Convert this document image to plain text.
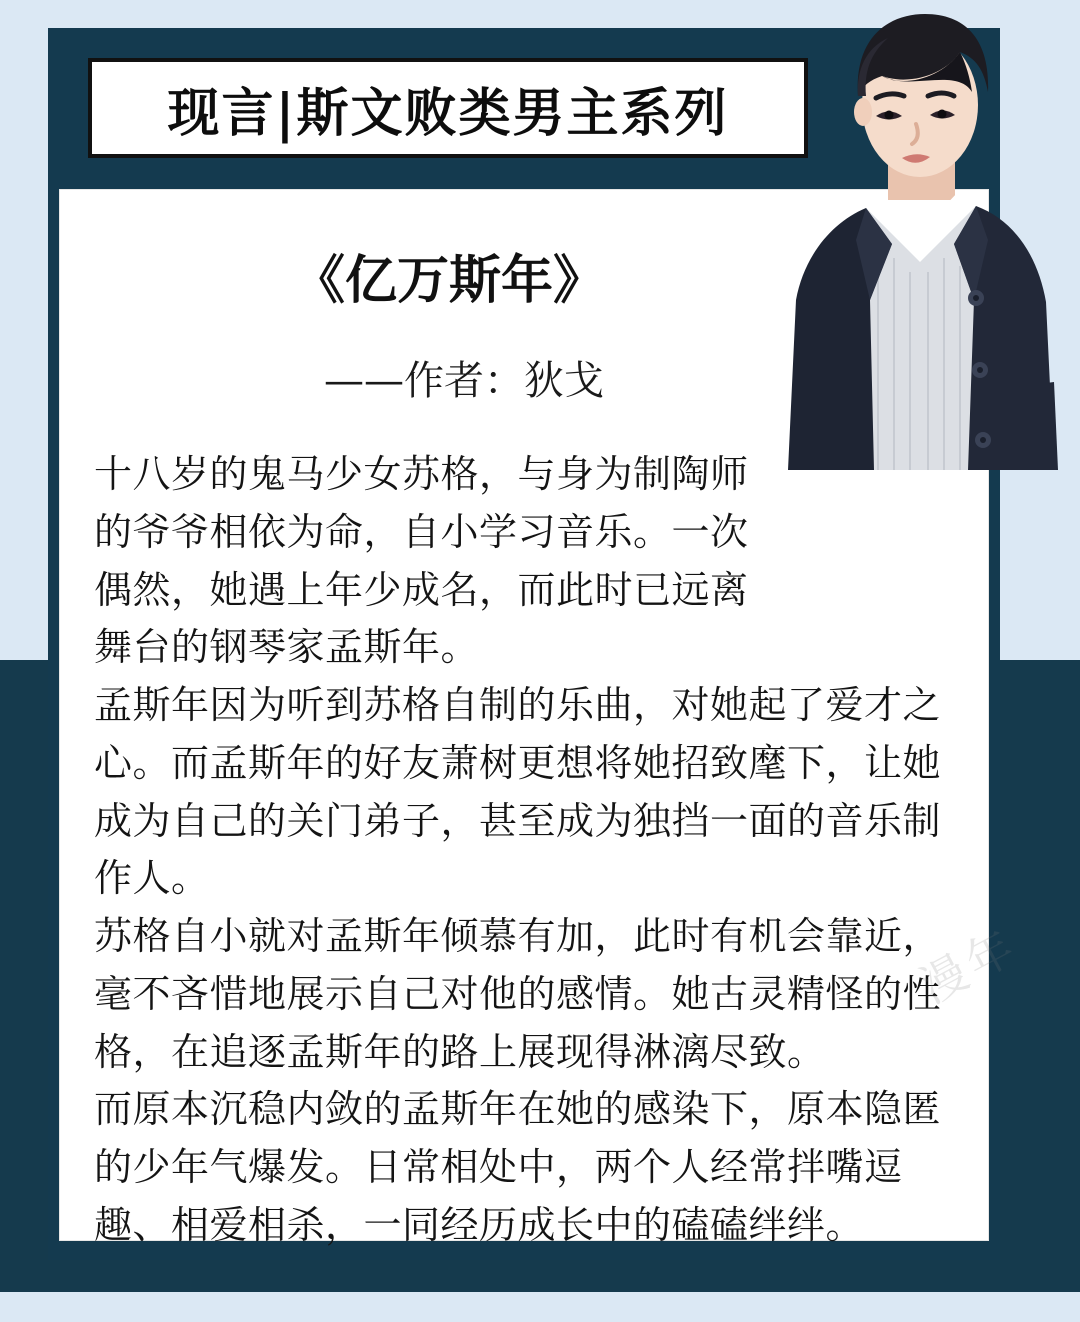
现言|斯文败类男主系列
《亿万斯年》
——作者：狄戈

十八岁的鬼马少女苏格，与身为制陶师的爷爷相依为命，自小学习音乐。一次偶然，她遇上年少成名，而此时已远离舞台的钢琴家孟斯年。

孟斯年因为听到苏格自制的乐曲，对她起了爱才之心。而孟斯年的好友萧树更想将她招致麾下，让她成为自己的关门弟子，甚至成为独挡一面的音乐制作人。

苏格自小就对孟斯年倾慕有加，此时有机会靠近，毫不吝惜地展示自己对他的感情。她古灵精怪的性格，在追逐孟斯年的路上展现得淋漓尽致。

而原本沉稳内敛的孟斯年在她的感染下，原本隐匿的少年气爆发。日常相处中，两个人经常拌嘴逗趣、相爱相杀，一同经历成长中的磕磕绊绊。
